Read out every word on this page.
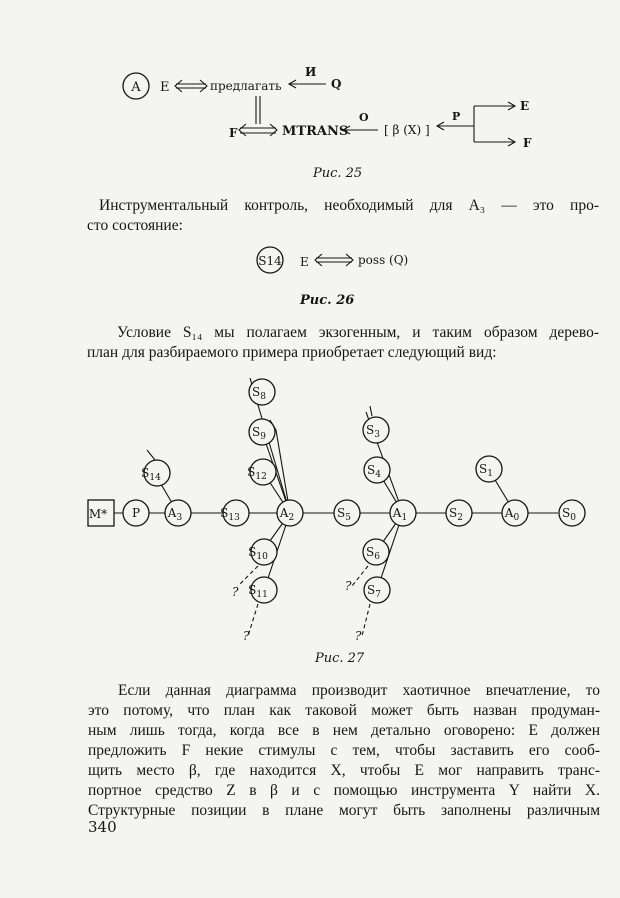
A E	предлагать
И
Q
F	MTRANS
O
[ β (X) ]
P
E
F
S14 E	poss (Q)
?
?
?
?
M* P $A_3$	$S_{13}$	$A_2$	$S_5$	$A_1$	$S_2$	$A_0$	$S_0$
$S_8$
$S_9$
$S_{12}$
$S_{10}$
$S_{11}$
$S_3$
$S_4$
$S_6$
$S_7$
$S_{14}$
$S_1$
Рис. 25
Инструментальный контроль, необходимый для A₃ — это про-
сто состояние:
Рис. 26
Условие S₁₄ мы полагаем экзогенным, и таким образом дерево-
план для разбираемого примера приобретает следующий вид:
Рис. 27
Если данная диаграмма производит хаотичное впечатление, то
это потому, что план как таковой может быть назван продуман-
ным лишь тогда, когда все в нем детально оговорено: E должен
предложить F некие стимулы с тем, чтобы заставить его сооб-
щить место β, где находится X, чтобы E мог направить транс-
портное средство Z в β и с помощью инструмента Y найти X.
Структурные позиции в плане могут быть заполнены различным
340
